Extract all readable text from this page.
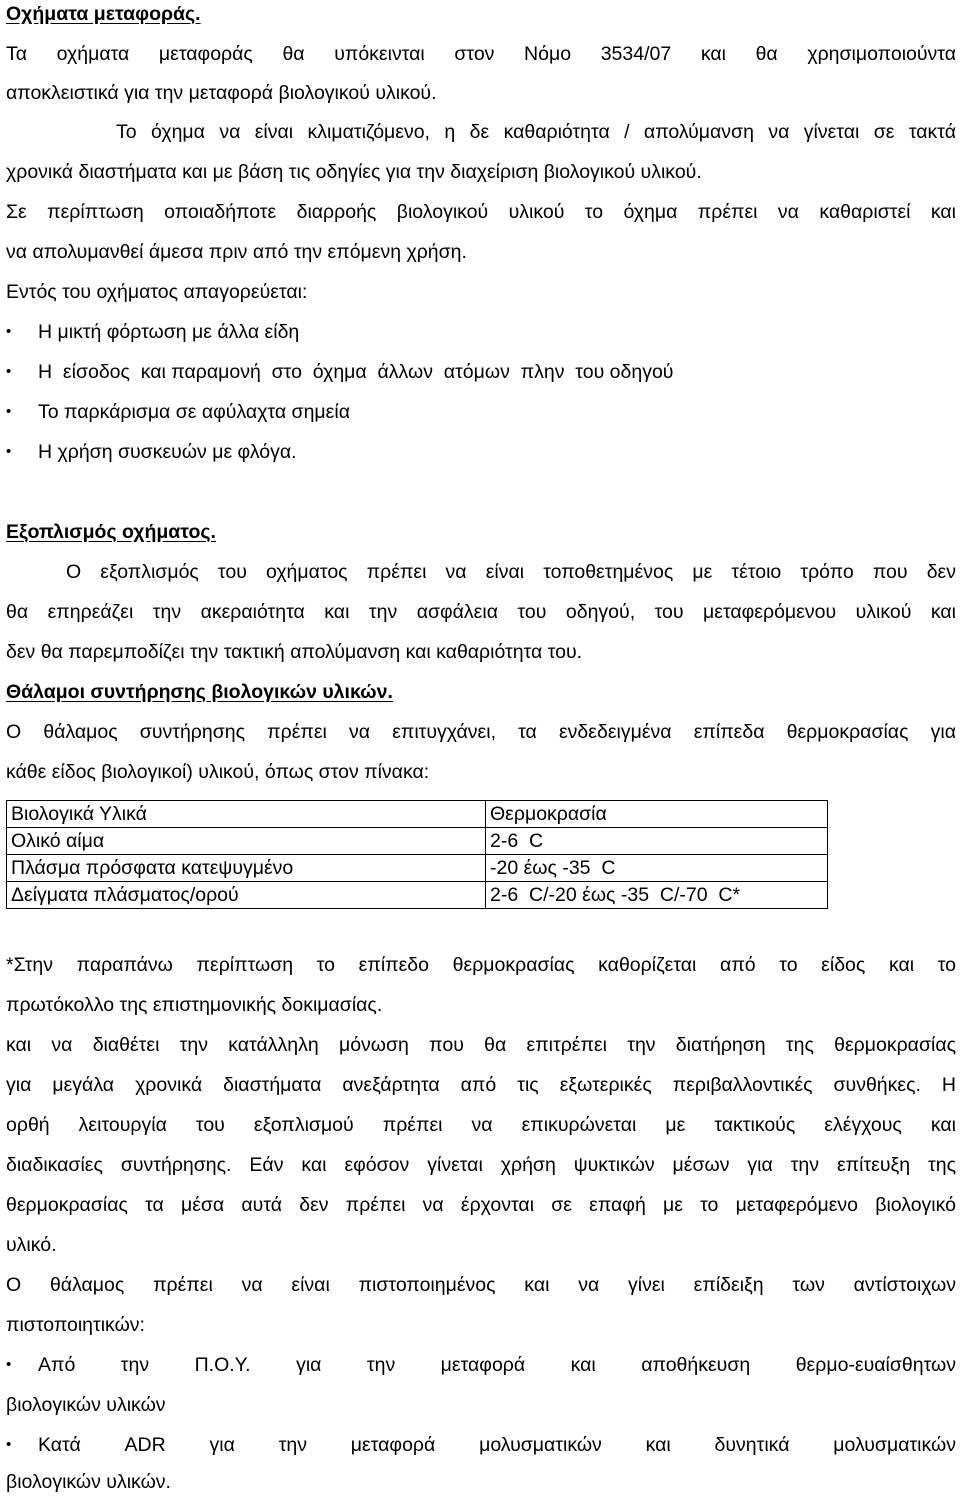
Οχήματα μεταφοράς.
Τα οχήματα μεταφοράς θα υπόκεινται στον Νόμο 3534/07 και θα χρησιμοποιούντα
αποκλειστικά για την μεταφορά βιολογικού υλικού.
Το όχημα να είναι κλιματιζόμενο, η δε καθαριότητα / απολύμανση να γίνεται σε τακτά
χρονικά διαστήματα και με βάση τις οδηγίες για την διαχείριση βιολογικού υλικού.
Σε περίπτωση οποιαδήποτε διαρροής βιολογικού υλικού το όχημα πρέπει να καθαριστεί και
να απολυμανθεί άμεσα πριν από την επόμενη χρήση.
Εντός του οχήματος απαγορεύεται:
•	Η μικτή φόρτωση με άλλα είδη
•	Η  είσοδος  και παραμονή  στο  όχημα  άλλων  ατόμων  πλην  του οδηγού
•	Το παρκάρισμα σε αφύλαχτα σημεία
•	Η χρήση συσκευών με φλόγα.
Εξοπλισμός οχήματος.
Ο εξοπλισμός του οχήματος πρέπει να είναι τοποθετημένος με τέτοιο τρόπο που δεν
θα επηρεάζει την ακεραιότητα και την ασφάλεια του οδηγού, του μεταφερόμενου υλικού και
δεν θα παρεμποδίζει την τακτική απολύμανση και καθαριότητα του.
Θάλαμοι συντήρησης βιολογικών υλικών.
Ο θάλαμος συντήρησης πρέπει να επιτυγχάνει, τα ενδεδειγμένα επίπεδα θερμοκρασίας για
κάθε είδος βιολογικοί) υλικού, όπως στον πίνακα:
Βιολογικά Υλικά	Θερμοκρασία
Ολικό αίμα	2-6  C
Πλάσμα πρόσφατα κατεψυγμένο	-20 έως -35  C
Δείγματα πλάσματος/ορού	2-6  C/-20 έως -35  C/-70  C*
*Στην παραπάνω περίπτωση το επίπεδο θερμοκρασίας καθορίζεται από το είδος και το
πρωτόκολλο της επιστημονικής δοκιμασίας.
και να διαθέτει την κατάλληλη μόνωση που θα επιτρέπει την διατήρηση της θερμοκρασίας
για μεγάλα χρονικά διαστήματα ανεξάρτητα από τις εξωτερικές περιβαλλοντικές συνθήκες. Η
ορθή λειτουργία του εξοπλισμού πρέπει να επικυρώνεται με τακτικούς ελέγχους και
διαδικασίες συντήρησης. Εάν και εφόσον γίνεται χρήση ψυκτικών μέσων για την επίτευξη της
θερμοκρασίας τα μέσα αυτά δεν πρέπει να έρχονται σε επαφή με το μεταφερόμενο βιολογικό
υλικό.
Ο θάλαμος πρέπει να είναι πιστοποιημένος και να γίνει επίδειξη των αντίστοιχων
πιστοποιητικών:
•	Από την Π.Ο.Υ. για την μεταφορά και αποθήκευση θερμο-ευαίσθητων
βιολογικών υλικών
•	Κατά ADR για την μεταφορά μολυσματικών και δυνητικά μολυσματικών
βιολογικών υλικών.
